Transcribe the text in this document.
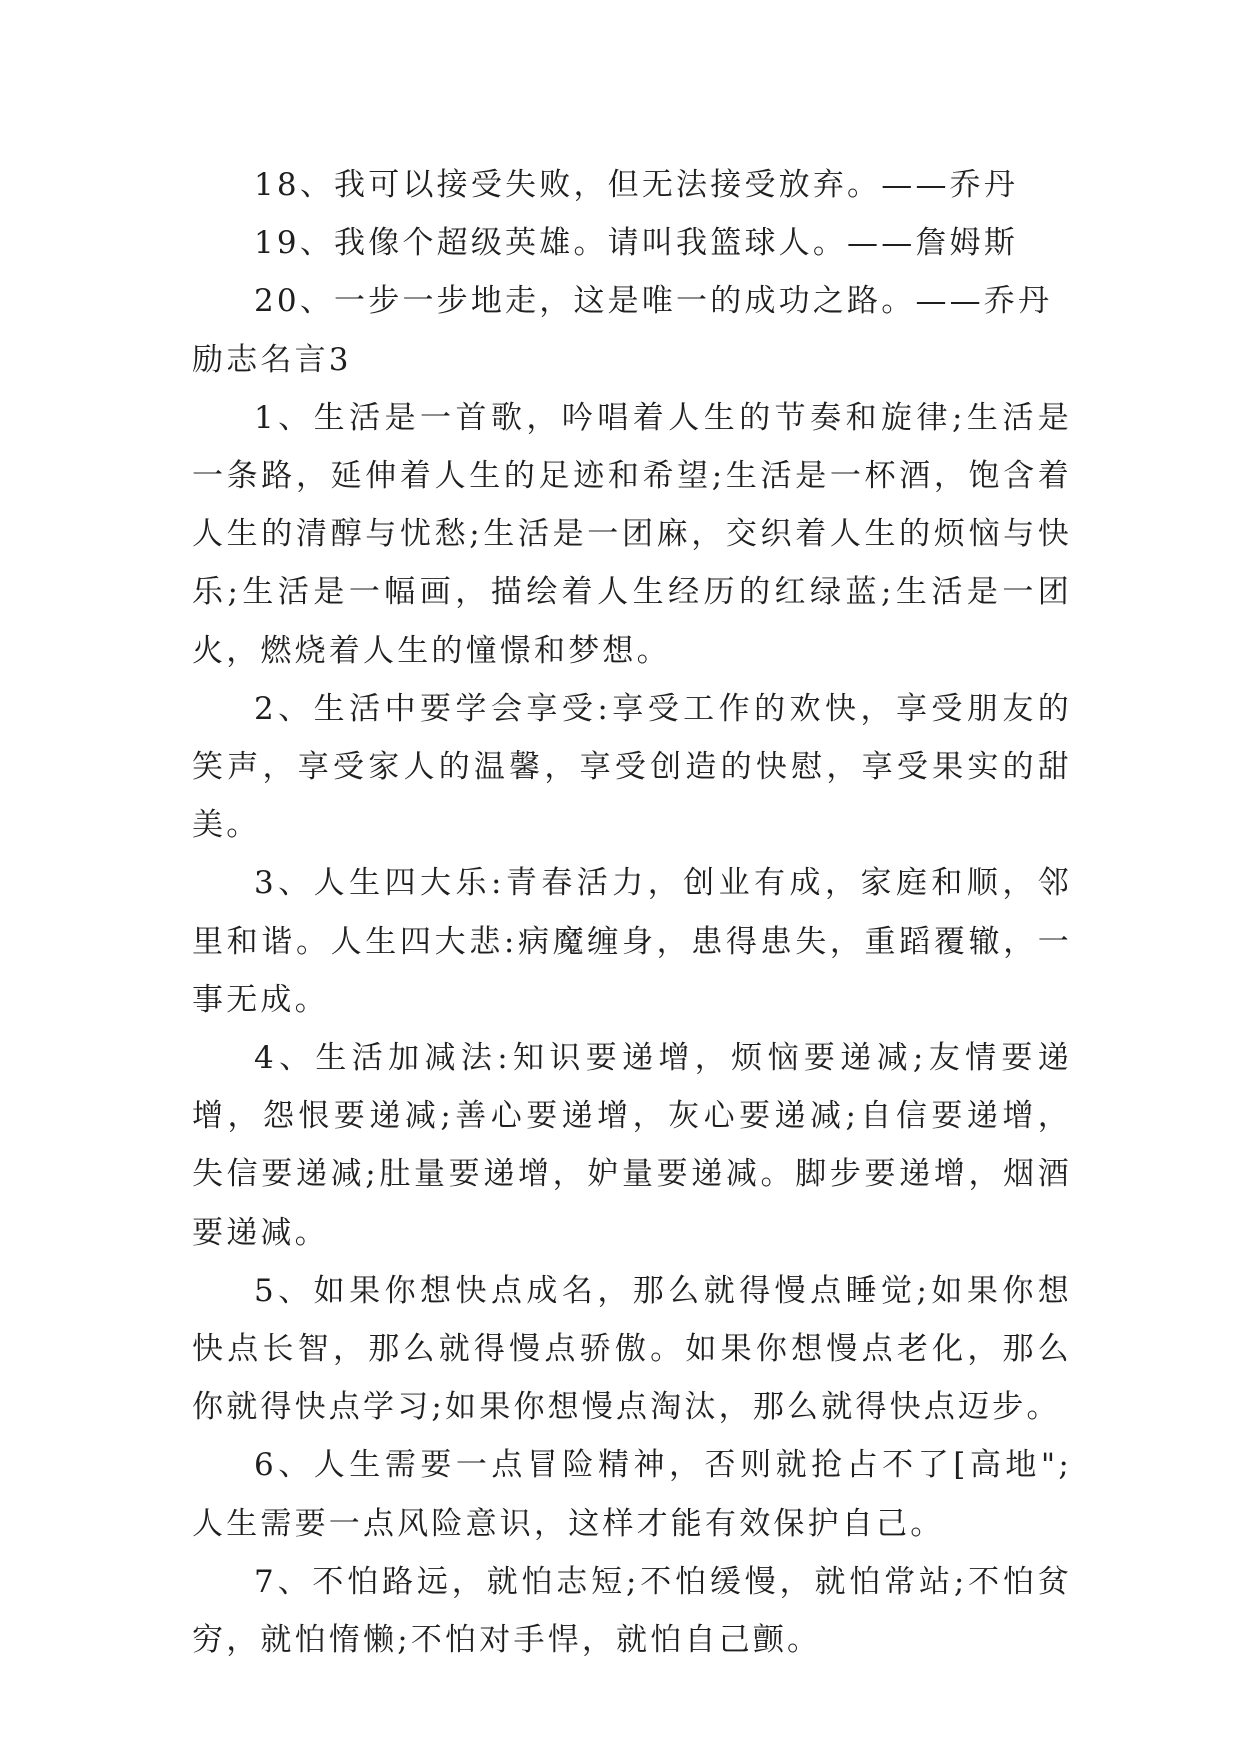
18、我可以接受失败，但无法接受放弃。——乔丹

19、我像个超级英雄。请叫我篮球人。——詹姆斯

20、一步一步地走，这是唯一的成功之路。——乔丹

励志名言3

1、生活是一首歌，吟唱着人生的节奏和旋律;生活是一条路，延伸着人生的足迹和希望;生活是一杯酒，饱含着人生的清醇与忧愁;生活是一团麻，交织着人生的烦恼与快乐;生活是一幅画，描绘着人生经历的红绿蓝;生活是一团火，燃烧着人生的憧憬和梦想。

2、生活中要学会享受:享受工作的欢快，享受朋友的笑声，享受家人的温馨，享受创造的快慰，享受果实的甜美。

3、人生四大乐:青春活力，创业有成，家庭和顺，邻里和谐。人生四大悲:病魔缠身，患得患失，重蹈覆辙，一事无成。

4、生活加减法:知识要递增，烦恼要递减;友情要递增，怨恨要递减;善心要递增，灰心要递减;自信要递增，失信要递减;肚量要递增，妒量要递减。脚步要递增，烟酒要递减。

5、如果你想快点成名，那么就得慢点睡觉;如果你想快点长智，那么就得慢点骄傲。如果你想慢点老化，那么你就得快点学习;如果你想慢点淘汰，那么就得快点迈步。

6、人生需要一点冒险精神，否则就抢占不了[高地";人生需要一点风险意识，这样才能有效保护自己。

7、不怕路远，就怕志短;不怕缓慢，就怕常站;不怕贫穷，就怕惰懒;不怕对手悍，就怕自己颤。
